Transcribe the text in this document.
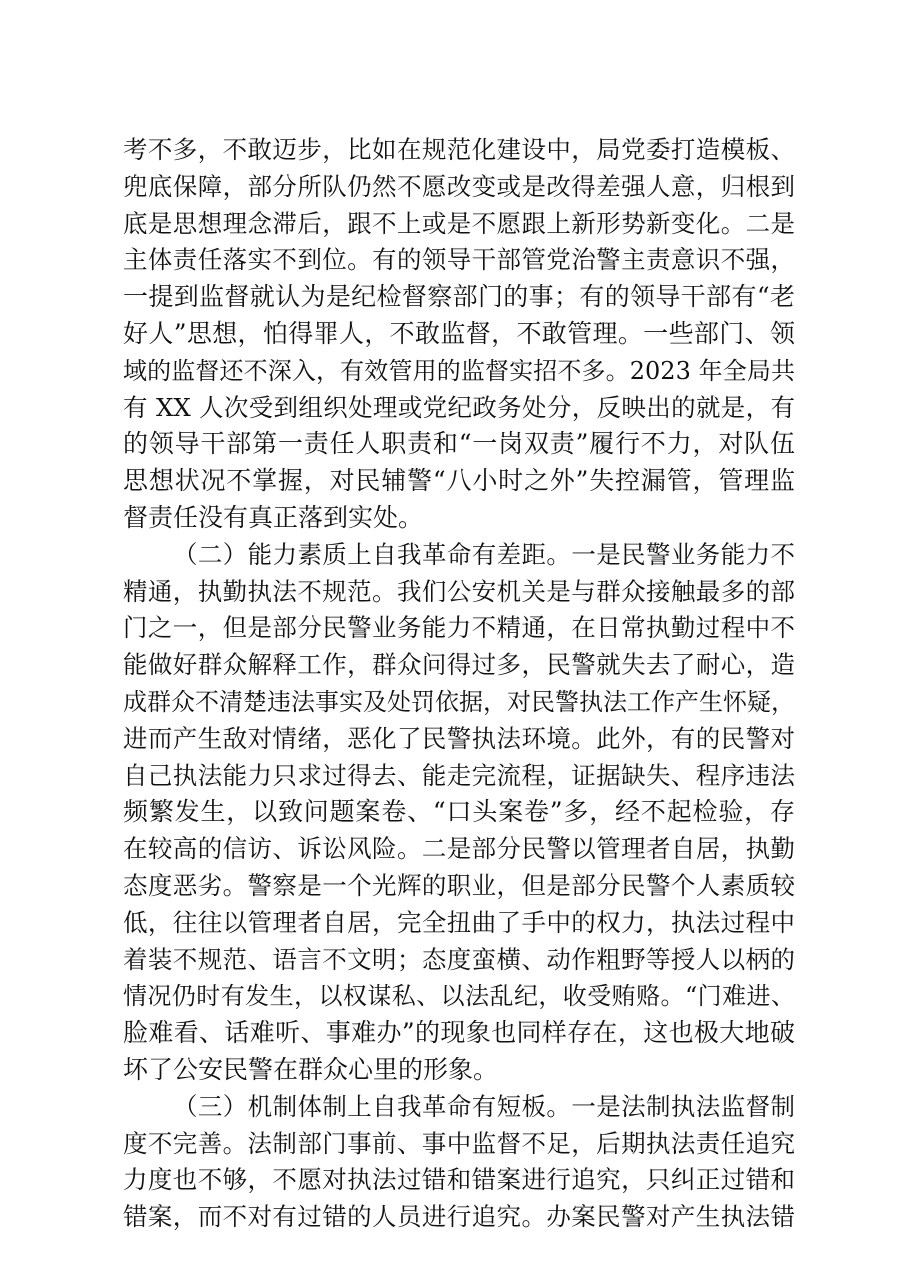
考不多，不敢迈步，比如在规范化建设中，局党委打造模板、
兜底保障，部分所队仍然不愿改变或是改得差强人意，归根到
底是思想理念滞后，跟不上或是不愿跟上新形势新变化。二是
主体责任落实不到位。有的领导干部管党治警主责意识不强，
一提到监督就认为是纪检督察部门的事；有的领导干部有“老
好人”思想，怕得罪人，不敢监督，不敢管理。一些部门、领
域的监督还不深入，有效管用的监督实招不多。2023 年全局共
有 XX 人次受到组织处理或党纪政务处分，反映出的就是，有
的领导干部第一责任人职责和“一岗双责”履行不力，对队伍
思想状况不掌握，对民辅警“八小时之外”失控漏管，管理监
督责任没有真正落到实处。
（二）能力素质上自我革命有差距。一是民警业务能力不
精通，执勤执法不规范。我们公安机关是与群众接触最多的部
门之一，但是部分民警业务能力不精通，在日常执勤过程中不
能做好群众解释工作，群众问得过多，民警就失去了耐心，造
成群众不清楚违法事实及处罚依据，对民警执法工作产生怀疑，
进而产生敌对情绪，恶化了民警执法环境。此外，有的民警对
自己执法能力只求过得去、能走完流程，证据缺失、程序违法
频繁发生，以致问题案卷、“口头案卷”多，经不起检验，存
在较高的信访、诉讼风险。二是部分民警以管理者自居，执勤
态度恶劣。警察是一个光辉的职业，但是部分民警个人素质较
低，往往以管理者自居，完全扭曲了手中的权力，执法过程中
着装不规范、语言不文明；态度蛮横、动作粗野等授人以柄的
情况仍时有发生，以权谋私、以法乱纪，收受贿赂。“门难进、
脸难看、话难听、事难办”的现象也同样存在，这也极大地破
坏了公安民警在群众心里的形象。
（三）机制体制上自我革命有短板。一是法制执法监督制
度不完善。法制部门事前、事中监督不足，后期执法责任追究
力度也不够，不愿对执法过错和错案进行追究，只纠正过错和
错案，而不对有过错的人员进行追究。办案民警对产生执法错
